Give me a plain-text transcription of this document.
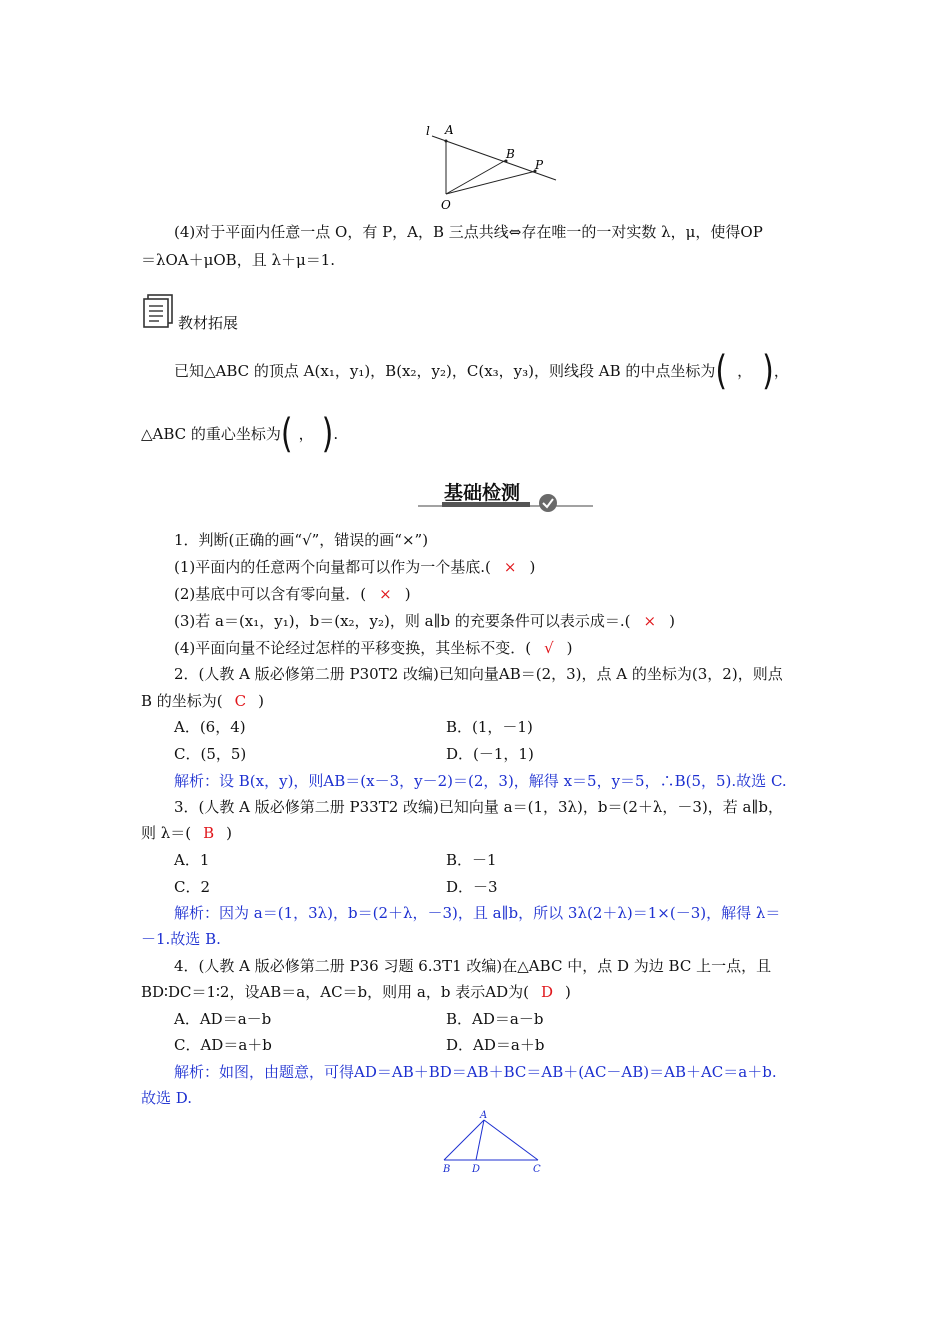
l A
B
P
O
(4)对于平面内任意一点 O，有 P，A，B 三点共线⇔存在唯一的一对实数 λ，μ，使得OP
＝λOA＋μOB，且 λ＋μ＝1.
教材拓展
已知△ABC 的顶点 A(x₁，y₁)，B(x₂，y₂)，C(x₃，y₃)，则线段 AB 的中点坐标为( ， )，
△ABC 的重心坐标为( ， ).
基础检测
1．判断(正确的画“√”，错误的画“×”)
(1)平面内的任意两个向量都可以作为一个基底.( × )
(2)基底中可以含有零向量．( × )
(3)若 a＝(x₁，y₁)，b＝(x₂，y₂)，则 a∥b 的充要条件可以表示成＝.( × )
(4)平面向量不论经过怎样的平移变换，其坐标不变．( √ )
2．(人教 A 版必修第二册 P30T2 改编)已知向量AB＝(2，3)，点 A 的坐标为(3，2)，则点
B 的坐标为( C )
A．(6，4)	B．(1，－1)
C．(5，5)	D．(－1，1)
解析：设 B(x，y)，则AB＝(x－3，y－2)＝(2，3)，解得 x＝5，y＝5，∴B(5，5).故选 C.
3．(人教 A 版必修第二册 P33T2 改编)已知向量 a＝(1，3λ)，b＝(2＋λ，－3)，若 a∥b，
则 λ＝( B )
A．1	B．－1
C．2	D．－3
解析：因为 a＝(1，3λ)，b＝(2＋λ，－3)，且 a∥b，所以 3λ(2＋λ)＝1×(－3)，解得 λ＝
－1.故选 B.
4．(人教 A 版必修第二册 P36 习题 6.3T1 改编)在△ABC 中，点 D 为边 BC 上一点，且
BD∶DC＝1∶2，设AB＝a，AC＝b，则用 a，b 表示AD为( D )
A．AD＝a－b	B．AD＝a－b
C．AD＝a＋b	D．AD＝a＋b
解析：如图，由题意，可得AD＝AB＋BD＝AB＋BC＝AB＋(AC－AB)＝AB＋AC＝a＋b.
故选 D.
A
B D	C
